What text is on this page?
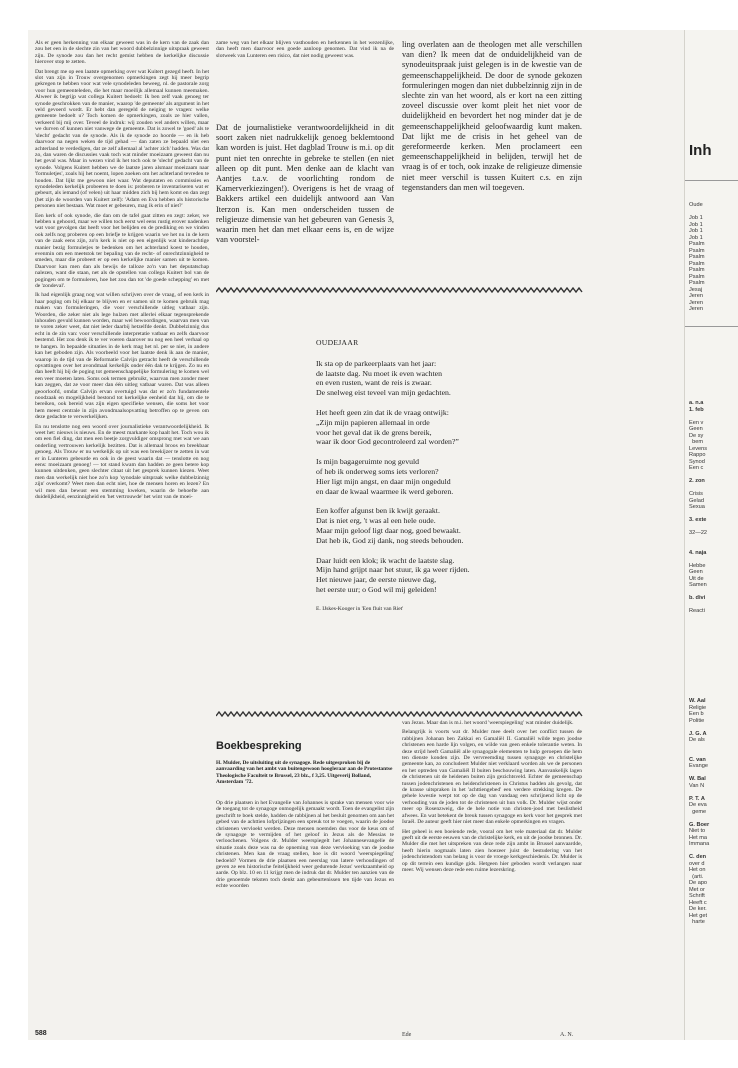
Als er geen herkenning van elkaar geweest was in de kern van de zaak dan zou het een in de slechte zin van het woord dubbelzinnige uitspraak geweest zijn. De synode zou dan het recht gemist hebben de kerkelijke discussie hierover stop te zetten.

Dat brengt me op een laatste opmerking over wat Kuitert gezegd heeft. In het slot van zijn in Trouw overgenomen opmerkingen zegt hij meer begrip gekregen te hebben voor wat vele synodeleden beweeg, nl. de pastorale zorg voor hun gemeenteleden, die het maar moeilijk allemaal kunnen meemaken. Alweer ik begrijp wat collega Kuitert bedoelt: Ik ben zelf vaak genoeg ter synode geschrokken van de manier, waarop 'de gemeente' als argument in het veld gevoerd wordt. Er hebt dan geregeld de neiging te vragen: welke gemeente bedoelt u? Toch komen de opmerkingen, zoals ze hier vallen, verkeerd bij mij over. Teveel de indruk: wij zouden wel anders willen, maar we durven of kunnen niet vanwege de gemeente. Dat is zowel te 'goed' als te 'slecht' gedacht van de synode. Als ik de synode zo hoorde — en ik heb daarvoor na negen weken de tijd gehad — dan zaten ze bepaald niet een achterland te verdedigen, dat ze zelf allemaal al 'achter zich' hadden. Was dat zo, dan waren de discussies vaak toch wat minder moeizaam geweest dan nu het geval was. Maar in wezen vind ik het toch ook te 'slecht' gedacht van de synode. Volgens Kuitert hebben we de laatste jaren alsmaar moeizaam naar 'formuletjes', zoals hij het noemt, lopen zoeken om het achterland tevreden te houden. Dat lijkt me gewoon niet waar. Wat deputaten en commissies en synodeleden kerkelijk probeeren te doen is: proberen te inventariseren wat er gebeurt, als iemand (of velen) uit haar midden zich bij hem komt en dan zegt (het zijn de woorden van Kuitert zelf): 'Adam en Eva hebben als historische personen niet bestaan. Wat moet er gebeuren, mag ik erin of niet?'

Een kerk of ook synode, die dan om de tafel gaat zitten en zegt: zeker, we hebben u gehoord, maar we willen toch eerst wel eens rustig erover nadenken wat voor gevolgen dat heeft voor het belijden en de prediking en we vinden ook zelfs nog proberen op een briefje te krijgen waarin we het nu in de kern van de zaak eens zijn, zo'n kerk is niet op een eigenlijk wat kinderachtige manier bezig formuletjes te bedenken om het achterland koest te houden, evenmin om een meetstok ter bepaling van de recht- of onrechtzinnigheid te smeden, maar die probeert er op een kerkelijke manier samen uit te komen. Daarvoor kan men dan als bewijs de talloze zo'n van het deputatschap nalezen, want die staan, net als de opstellen van collega Kuitert bol van de pogingen om te formuleren, hoe het zou dan tot 'de goede schepping' en met de 'zondeval'.

Ik had eigenlijk graag nog wat willen schrijven over de vraag, of een kerk in haar poging om bij elkaar te blijven en er samen uit te komen gebruik mag maken van formuleringen, die voor verschillende uitleg vatbaar zijn. Woorden, die zeker niet als lege hulzen met allerlei elkaar tegensprekende inhouden gevuld kunnen worden, maar wel bewoordingen, waarvan men van te voren zeker weet, dat niet ieder daarbij hetzelfde denkt. Dubbelzinnig dus echt in de zin van: voor verschillende interpretatie vatbaar en zelfs daarvoor bestemd. Het zou denk ik te ver voeren daarover nu nog een heel verhaal op te hangen. In bepaalde situaties in de kerk mag het nl. per se niet, in andere kan het geboden zijn. Als voorbeeld voor het laatste denk ik aan de manier, waarop in de tijd van de Reformatie Calvijn getracht heeft de verschillende opvattingen over het avondmaal kerkelijk onder één dak te krijgen. Zo nu en dan heeft hij bij de poging tot gemeenschappelijke formulering te komen wel een veer moeten laten. Soms ook termen gebruikt, waarvan men zonder meer kan zeggen, dat ze voor meer dan één uitleg vatbaar waren. Dat was alleen geoorloofd, omdat Calvijn ervan overtuigd was dat er zo'n fundamentele noodzaak en mogelijkheid bestond tot kerkelijke eenheid dat hij, om die te bereiken, ook bereid was zijn eigen specifieke wensen, die soms het voor hem meest centrale in zijn avondmaalsopvatting betroffen op te geven om deze gedachte te verwerkelijken.

En nu tenslotte nog een woord over journalistieke verantwoordelijkheid. Ik weet het: nieuws is nieuws. En de meest markante kop haalt het. Toch wou ik om een fiel ding, dat men een beetje zorgvuldiger omsprong met wat we aan onderling vertrouwen kerkelijk bezitten. Dat is allemaal broos en breekbaar genoeg. Als Trouw er nu werkelijk op uit was een breekijzer te zetten in wat er in Lunteren gebeurde en ook in de geest waarin dat — tenslotte en nog eens: moeizaam genoeg! — tot stand kwam dan hadden ze geen betere kop kunnen uitdenken, geen slechter citaat uit het gesprek kunnen kiezen. Weet men dan werkelijk niet hoe zo'n kop 'synodale uitspraak welke dubbelzinnig zijn' overkomt? Weet men dan echt niet, hoe de mensen horen en lezen? En wil men dan bewust een stemming kweken, waarin de behoefte aan duidelijkheid, eenzinnigheid en 'het vertrouwde' het wint van de moei-

zame weg van het elkaar blijven vasthouden en herkennen in het wezenlijke, dan heeft men daarvoor een goede aanloop genomen. Dat vind ik na de slotweek van Lunteren een risico, dat niet nodig geweest was.

Dat de journalistieke verantwoordelijkheid in dit soort zaken niet nadrukkelijk genoeg beklemtoond kan worden is juist. Het dagblad Trouw is m.i. op dit punt niet ten onrechte in gebreke te stellen (en niet alleen op dit punt. Men denke aan de klacht van Aantjes t.a.v. de voorlichting rondom de Kamerverkiezingen!). Overigens is het de vraag of Bakkers artikel een duidelijk antwoord aan Van Iterzon is. Kan men onderscheiden tussen de religieuze dimensie van het gebeuren van Genesis 3, waarin men het dan met elkaar eens is, en de wijze van voorstel-

ling overlaten aan de theologen met alle verschillen van dien? Ik meen dat de onduidelijkheid van de synodeuitspraak juist gelegen is in de kwestie van de gemeenschappelijkheid. De door de synode gekozen formuleringen mogen dan niet dubbelzinnig zijn in de slechte zin van het woord, als er kort na een zitting zoveel discussie over komt pleit het niet voor de duidelijkheid en bevordert het nog minder dat je de gemeenschappelijkheid geloofwaardig kunt maken. Dat lijkt me de crisis in het geheel van de gereformeerde kerken. Men proclameert een gemeenschappelijkheid in belijden, terwijl het de vraag is of er toch, ook inzake de religieuze dimensie niet meer verschil is tussen Kuitert c.s. en zijn tegenstanders dan men wil toegeven.

OUDEJAAR
Ik sta op de parkeerplaats van het jaar:
de laatste dag. Nu moet ik even wachten
en even rusten, want de reis is zwaar.
De snelweg eist teveel van mijn gedachten.
Het heeft geen zin dat ik de vraag ontwijk:
„Zijn mijn papieren allemaal in orde
voor het geval dat ik de grens bereik,
waar ik door God gecontroleerd zal worden?”
Is mijn bagageruimte nog gevuld
of heb ik onderweg soms iets verloren?
Hier ligt mijn angst, en daar mijn ongeduld
en daar de kwaal waarmee ik werd geboren.
Een koffer afgunst ben ik kwijt geraakt.
Dat is niet erg, 't was al een hele oude.
Maar mijn geloof ligt daar nog, goed bewaakt.
Dat heb ik, God zij dank, nog steeds behouden.
Daar luidt een klok; ik wacht de laatste slag.
Mijn hand grijpt naar het stuur, ik ga weer rijden.
Het nieuwe jaar, de eerste nieuwe dag,
het eerste uur; o God wil mij geleiden!
E. IJskes-Kooger in 'Een fluit van Riet'
Boekbespreking
H. Mulder, De uitsluiting uit de synagoge. Rede uitgesproken bij de aanvaarding van het ambt van buitengewoon hoogleraar aan de Protestantse Theologische Faculteit te Brussel, 23 blz., f 3,25. Uitgeverij Bolland, Amsterdam '72.

Op drie plaatsen in het Evangelie van Johannes is sprake van mensen voor wie de toegang tot de synagoge onmogelijk gemaakt wordt. Toen de evangelist zijn geschrift te boek stelde, hadden de rabbijnen al het besluit genomen om aan het gebed van de achttien lofprijzingen een spreuk tot te voegen, waarin de joodse christenen vervloekt werden. Deze mensen noemden dus voor de keus om of de synagoge te vermijden of het geloof in Jezus als de Messias te verloochenen. Volgens dr. Mulder weerspiegelt het Johannesevangelie de situatie zoals deze was na de opneming van deze vervloeking van de joodse christenen. Men kan de vraag stellen, hoe is dit woord 'weerspiegeling' bedoeld? Vormen de drie plaatsen een neerslag van latere verhoudingen of geven ze een historische feitelijkheid weer gedurende Jezus' werkzaamheid op aarde. Op blz. 10 en 11 krijgt men de indruk dat dr. Mulder ten aanzien van de drie genoemde teksten toch denkt aan gebeurtenissen ten tijde van Jezus en echte woorden

van Jezus. Maar dan is m.i. het woord 'weerspiegeling' wat minder duidelijk.

Belangrijk is voorts wat dr. Mulder mee deelt over het conflict tussen de rabbijnen Johanan ben Zakkai en Gamaliël II. Gamaliël wilde tegen joodse christenen een harde lijn volgen, en wilde van geen enkele tolerantie weten. In deze strijd heeft Gamaliël alle synagogale elementen te hulp geroepen die hem ten dienste konden zijn. De vervreemding tussen synagoge en christelijke gemeente kan, zo concludeert Mulder niet verklaard worden als we de personen en het optreden van Gamaliël II buiten beschouwing laten. Aanvankelijk lagen de christenen uit de heidenen buiten zijn gezichtsveld. Echter de gemeenschap tussen jodenchristenen en heidenchristenen in Christus hadden als gevolg, dat de krasse uitspraken in het 'achttiengebed' een verdere strekking kregen. De gehele kwestie werpt tot op de dag van vandaag een schrijnend licht op de verhouding van de joden tot de christenen uit hun volk. Dr. Mulder wijst onder meer op Rosenzweig, die de hele notie van christen-jood met beslistheid afwees. En wat betekent de breuk tussen synagoge en kerk voor het gesprek met Israël. De auteur geeft hier niet meer dan enkele opmerkingen en vragen.

Het geheel is een boeiende rede, vooral om het vele materiaal dat dr. Mulder geeft uit de eerste eeuwen van de christelijke kerk, en uit de joodse bronnen. Dr. Mulder die met het uitspreken van deze rede zijn ambt in Brussel aanvaardde, heeft hierin nogmaals laten zien hoezeer juist de bestudering van het jodenchristendom van belang is voor de vroege kerkgeschiedenis. Dr. Mulder is op dit terrein een kundige gids. Hetgeen hier geboden wordt verlangen naar meer. Wij wensen deze rede een ruime lezerskring.

588	Ede	A. N.
Inh
Oude
Job 1
Job 1
Job 1
Job 1
Psalm
Psalm
Psalm
Psalm
Psalm
Psalm
Psalm
Jesaj
Jeren
Jeren
Jeren
a. n.a
1. feb

Een v
Geen
De sy
bem
Levens
Rappo
Synod
Een c

2. zon

Crisis
Gelad
Sexua

3. exte

32—22

4. naja

Hebbe
Geen
Uit de
Samen

b. divi

Reacti
W. Aal
Religie
Een b
Politie

J. G. A
De als

C. van
Evange

W. Bal
Van N

P. T. A
De eva
geme

G. Boer
Niet to
Het ma
Immana

C. den
over d
Het on
(arti.
De apo
Met or
Schrift
Heeft c
De ker.
Het get
harte
